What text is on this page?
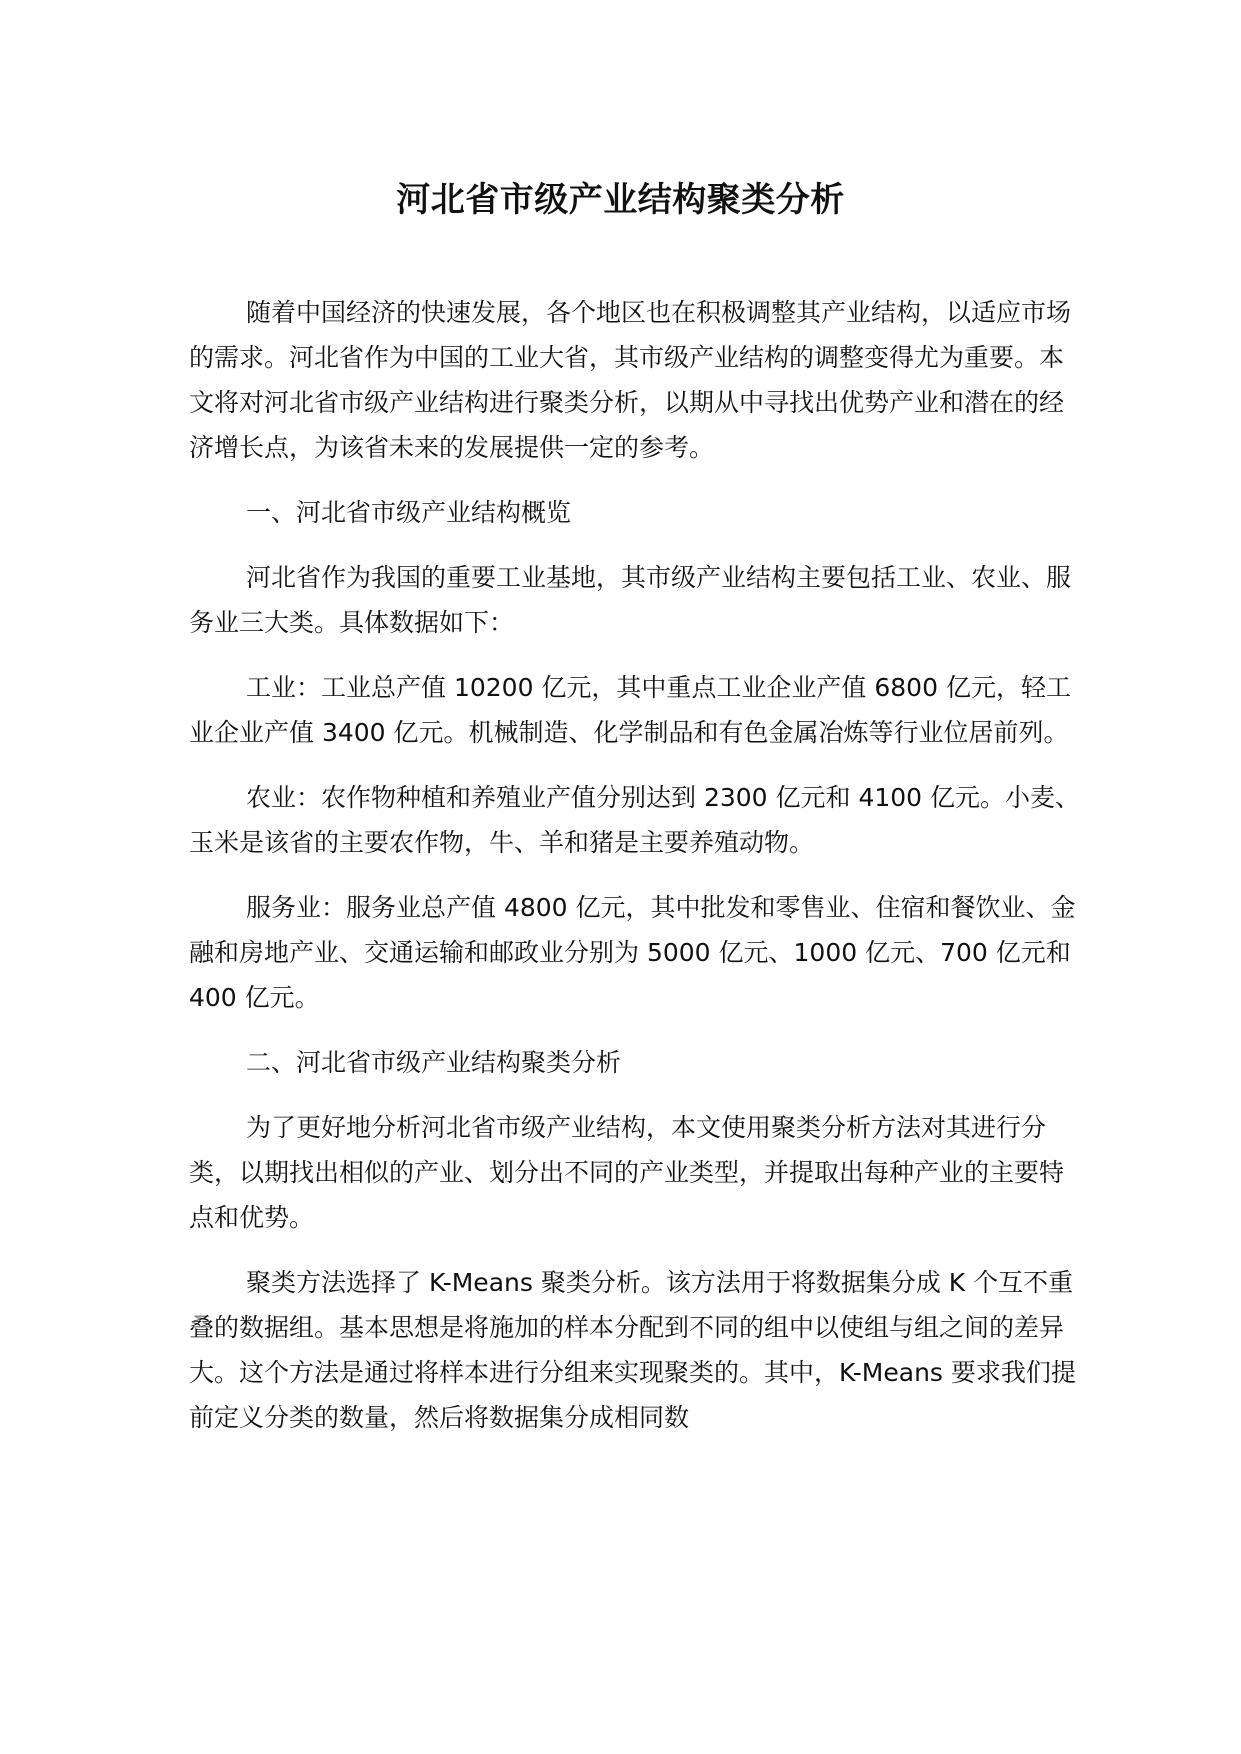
河北省市级产业结构聚类分析

随着中国经济的快速发展，各个地区也在积极调整其产业结构，以适应市场的需求。河北省作为中国的工业大省，其市级产业结构的调整变得尤为重要。本文将对河北省市级产业结构进行聚类分析，以期从中寻找出优势产业和潜在的经济增长点，为该省未来的发展提供一定的参考。

一、河北省市级产业结构概览

河北省作为我国的重要工业基地，其市级产业结构主要包括工业、农业、服务业三大类。具体数据如下：

工业：工业总产值 10200 亿元，其中重点工业企业产值 6800 亿元，轻工业企业产值 3400 亿元。机械制造、化学制品和有色金属冶炼等行业位居前列。

农业：农作物种植和养殖业产值分别达到 2300 亿元和 4100 亿元。小麦、玉米是该省的主要农作物，牛、羊和猪是主要养殖动物。

服务业：服务业总产值 4800 亿元，其中批发和零售业、住宿和餐饮业、金融和房地产业、交通运输和邮政业分别为 5000 亿元、1000 亿元、700 亿元和 400 亿元。

二、河北省市级产业结构聚类分析

为了更好地分析河北省市级产业结构，本文使用聚类分析方法对其进行分类，以期找出相似的产业、划分出不同的产业类型，并提取出每种产业的主要特点和优势。

聚类方法选择了 K-Means 聚类分析。该方法用于将数据集分成 K 个互不重叠的数据组。基本思想是将施加的样本分配到不同的组中以使组与组之间的差异大。这个方法是通过将样本进行分组来实现聚类的。其中，K-Means 要求我们提前定义分类的数量，然后将数据集分成相同数
